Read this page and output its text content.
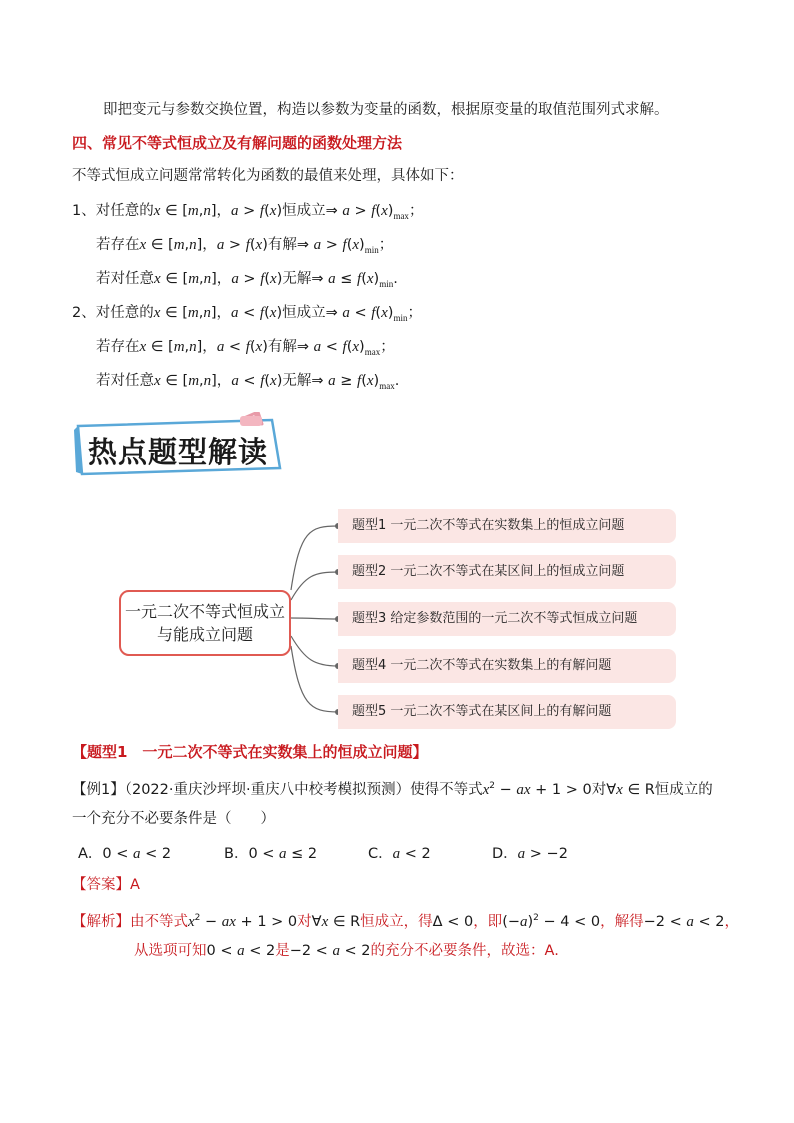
即把变元与参数交换位置，构造以参数为变量的函数，根据原变量的取值范围列式求解。
四、常见不等式恒成立及有解问题的函数处理方法
不等式恒成立问题常常转化为函数的最值来处理，具体如下：
1、对任意的x ∈ [m,n]，a > f(x)恒成立⇒ $a > f(x)_{max}$；
若存在x ∈ [m,n]，a > f(x)有解⇒ $a > f(x)_{min}$；
若对任意x ∈ [m,n]，a > f(x)无解⇒ $a \le f(x)_{min}$.
2、对任意的x ∈ [m,n]，a < f(x)恒成立⇒ $a < f(x)_{min}$；
若存在x ∈ [m,n]，a < f(x)有解⇒ $a < f(x)_{max}$；
若对任意x ∈ [m,n]，a < f(x)无解⇒ $a \ge f(x)_{max}$.
热点题型解读
一元二次不等式恒成立与能成立问题
题型1 一元二次不等式在实数集上的恒成立问题
题型2 一元二次不等式在某区间上的恒成立问题
题型3 给定参数范围的一元二次不等式恒成立问题
题型4 一元二次不等式在实数集上的有解问题
题型5 一元二次不等式在某区间上的有解问题
【题型1　一元二次不等式在实数集上的恒成立问题】
【例1】（2022·重庆沙坪坝·重庆八中校考模拟预测）使得不等式$x^2$ − ax + 1 > 0对∀x ∈ R恒成立的
一个充分不必要条件是（　　）
A．0 < a < 2	B．0 < a ≤ 2	C．a < 2	D．a > −2
【答案】A
【解析】由不等式$x^2$ − ax + 1 > 0对∀x ∈ R恒成立，得Δ < 0，即$(-a)^2 - 4 < 0$，解得−2 < a < 2，
从选项可知0 < a < 2是−2 < a < 2的充分不必要条件，故选：A.
